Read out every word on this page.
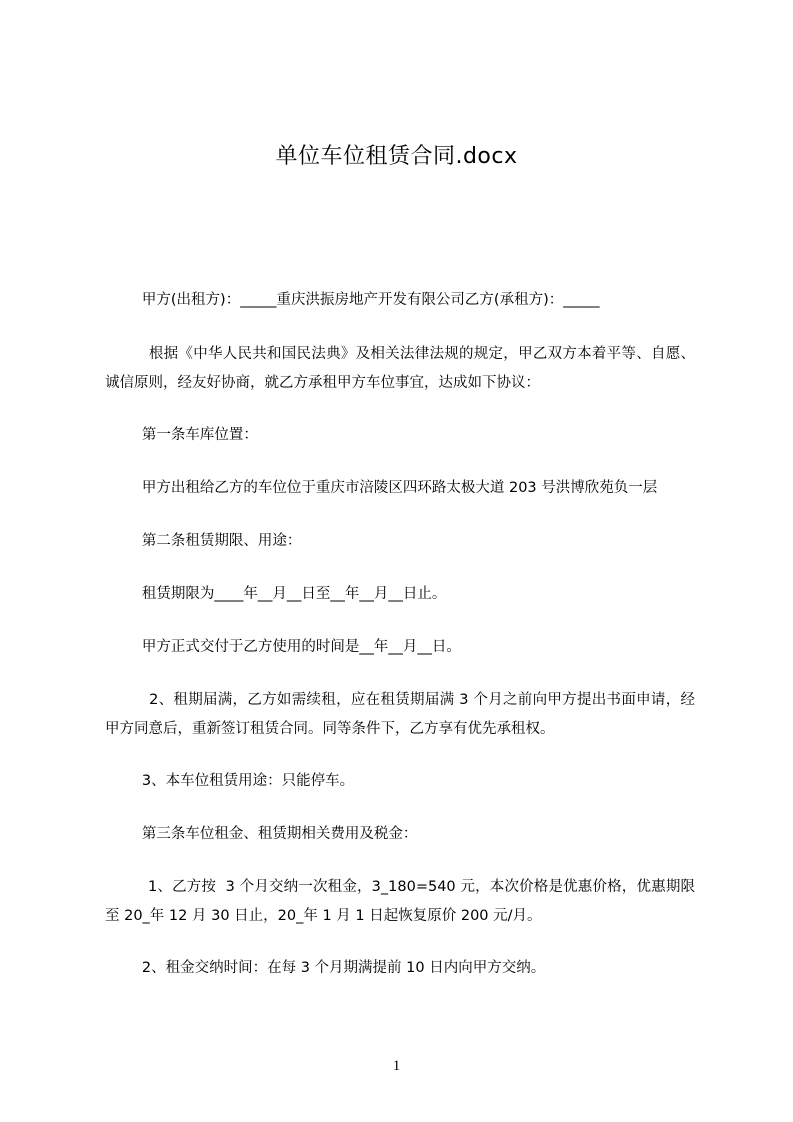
单位车位租赁合同.docx
甲方(出租方)：_____重庆洪振房地产开发有限公司乙方(承租方)：_____
根据《中华人民共和国民法典》及相关法律法规的规定，甲乙双方本着平等、自愿、诚信原则，经友好协商，就乙方承租甲方车位事宜，达成如下协议：
第一条车库位置：
甲方出租给乙方的车位位于重庆市涪陵区四环路太极大道 203 号洪博欣苑负一层
第二条租赁期限、用途：
租赁期限为____年__月__日至__年__月__日止。
甲方正式交付于乙方使用的时间是__年__月__日。
2、租期届满，乙方如需续租，应在租赁期届满 3 个月之前向甲方提出书面申请，经甲方同意后，重新签订租赁合同。同等条件下，乙方享有优先承租权。
3、本车位租赁用途：只能停车。
第三条车位租金、租赁期相关费用及税金：
1、乙方按  3 个月交纳一次租金，3_180=540 元，本次价格是优惠价格，优惠期限至 20_年 12 月 30 日止，20_年 1 月 1 日起恢复原价 200 元/月。
2、租金交纳时间：在每 3 个月期满提前 10 日内向甲方交纳。
1
